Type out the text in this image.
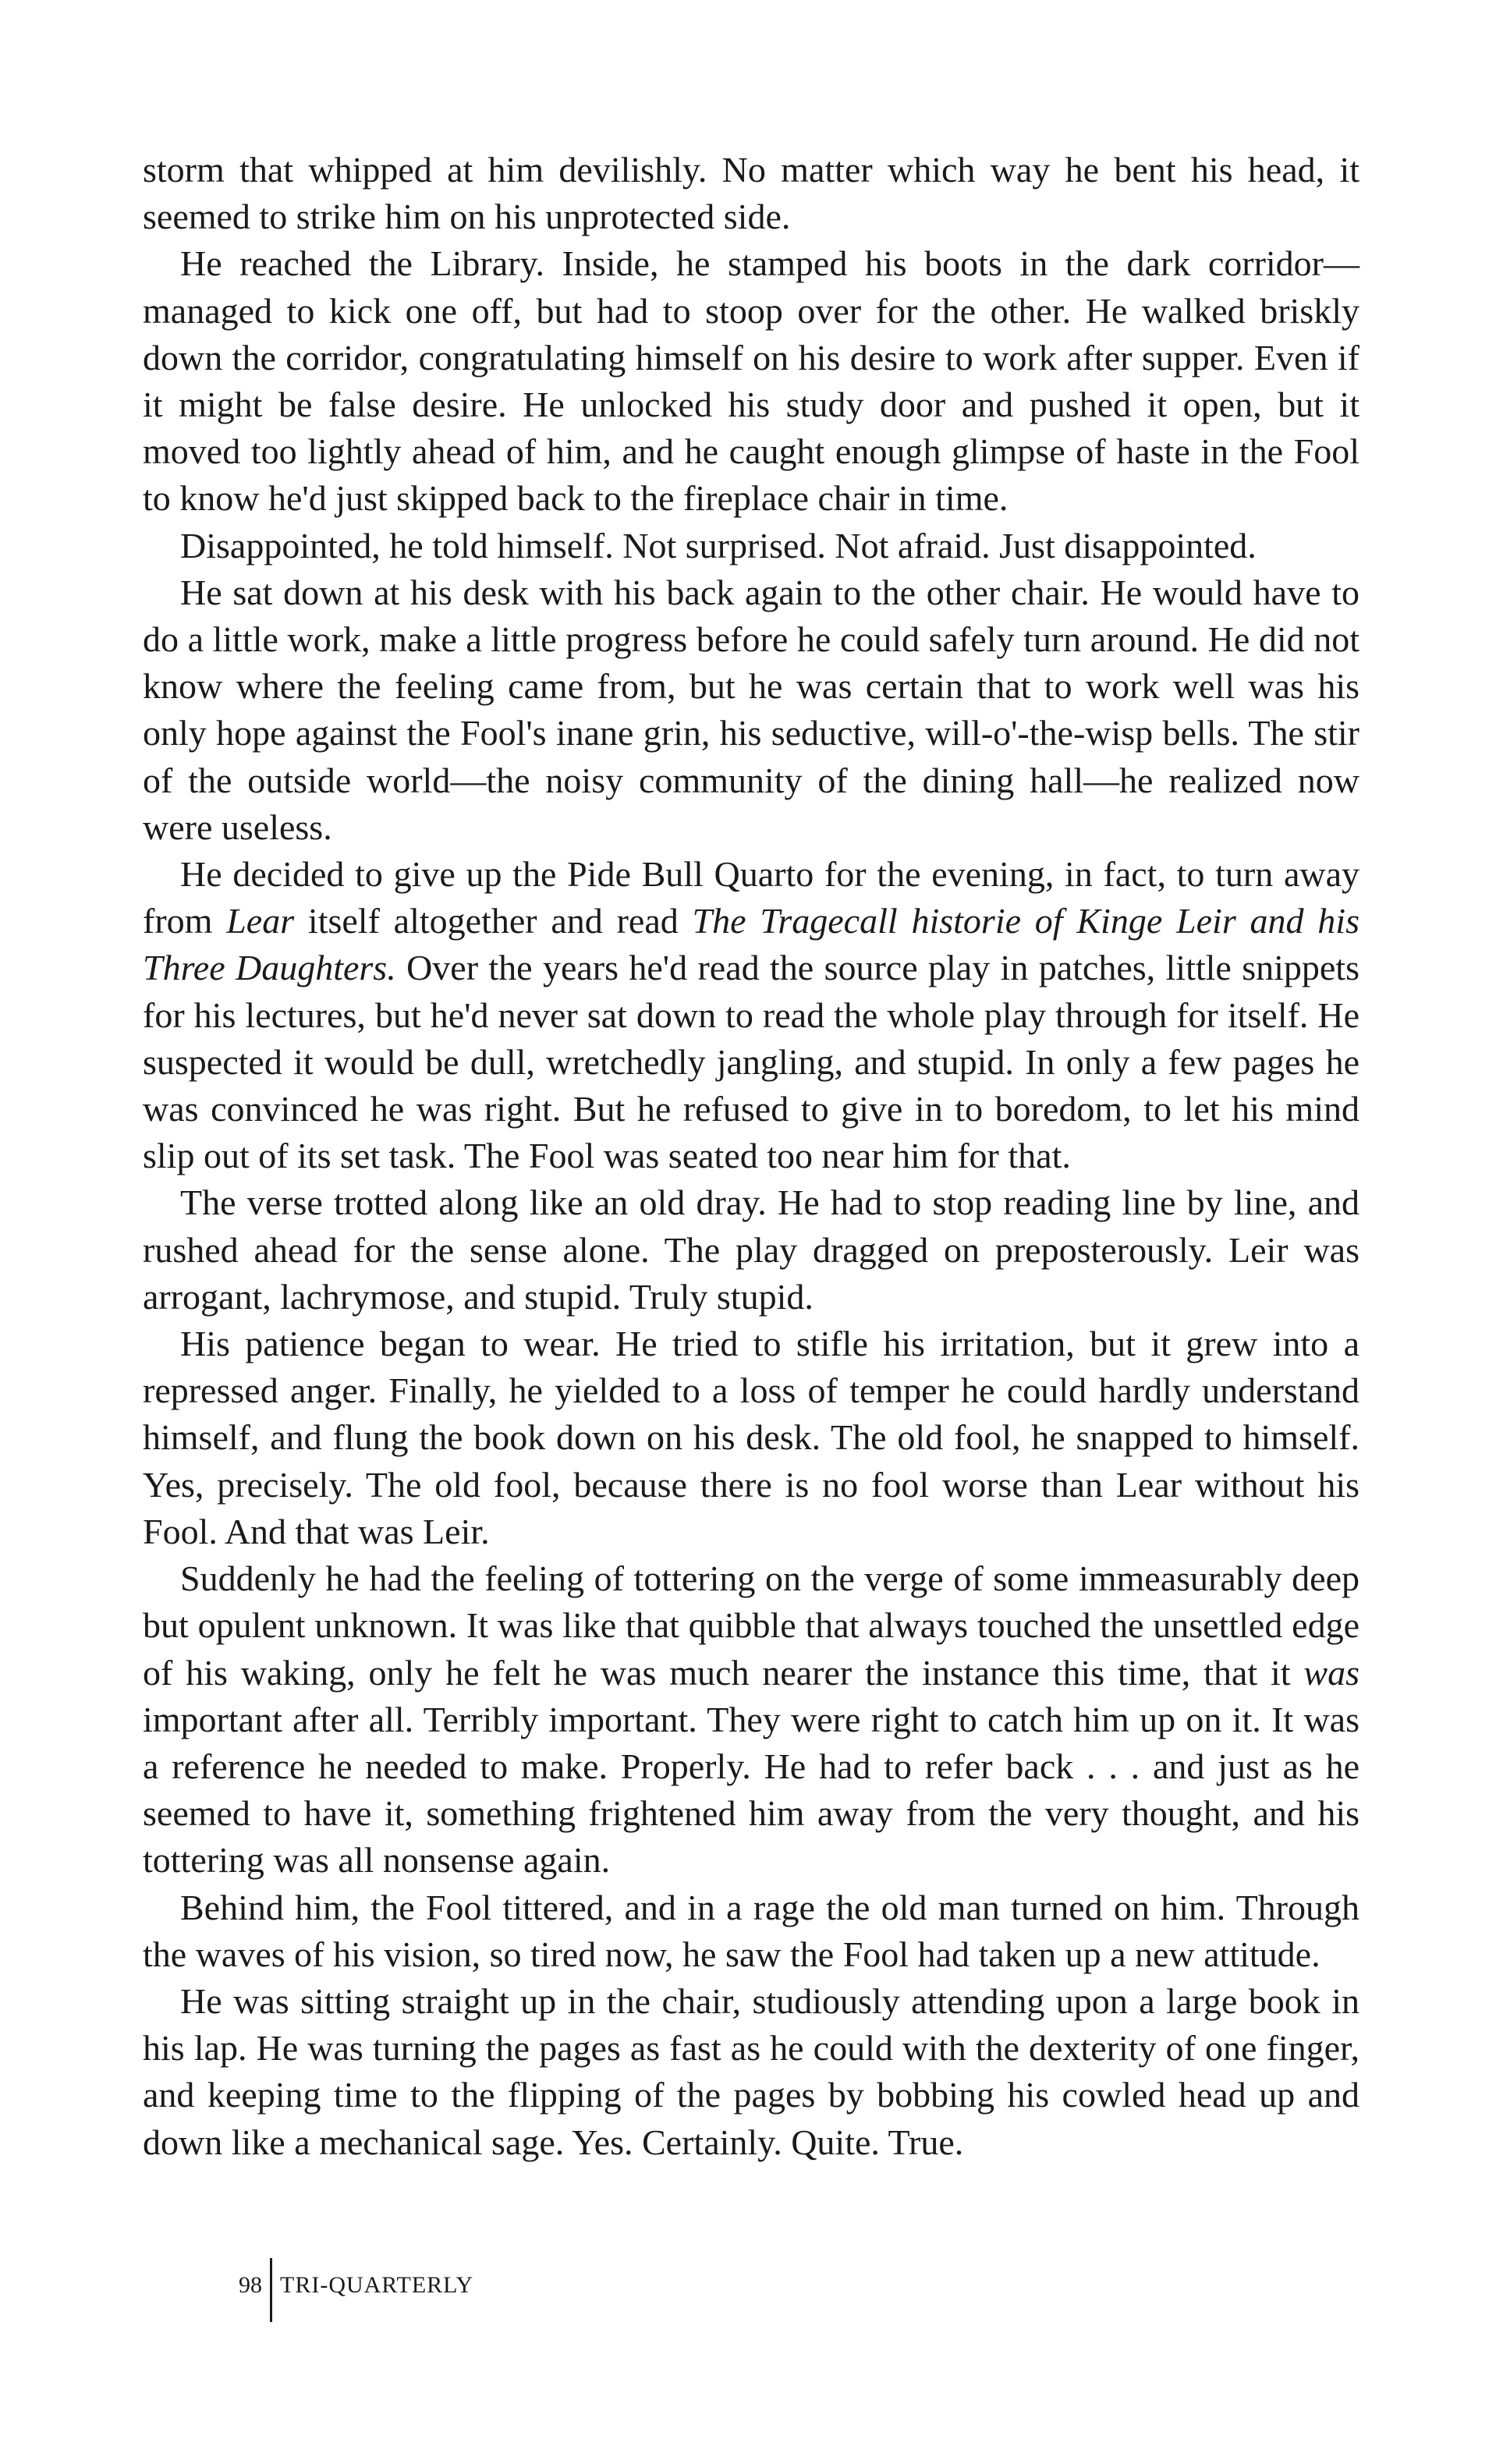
storm that whipped at him devilishly. No matter which way he bent his head, it seemed to strike him on his unprotected side.

He reached the Library. Inside, he stamped his boots in the dark corridor—managed to kick one off, but had to stoop over for the other. He walked briskly down the corridor, congratulating himself on his desire to work after supper. Even if it might be false desire. He unlocked his study door and pushed it open, but it moved too lightly ahead of him, and he caught enough glimpse of haste in the Fool to know he'd just skipped back to the fireplace chair in time.

Disappointed, he told himself. Not surprised. Not afraid. Just disappointed.

He sat down at his desk with his back again to the other chair. He would have to do a little work, make a little progress before he could safely turn around. He did not know where the feeling came from, but he was certain that to work well was his only hope against the Fool's inane grin, his seductive, will-o'-the-wisp bells. The stir of the outside world—the noisy community of the dining hall—he realized now were useless.

He decided to give up the Pide Bull Quarto for the evening, in fact, to turn away from Lear itself altogether and read The Tragecall historie of Kinge Leir and his Three Daughters. Over the years he'd read the source play in patches, little snippets for his lectures, but he'd never sat down to read the whole play through for itself. He suspected it would be dull, wretchedly jangling, and stupid. In only a few pages he was convinced he was right. But he refused to give in to boredom, to let his mind slip out of its set task. The Fool was seated too near him for that.

The verse trotted along like an old dray. He had to stop reading line by line, and rushed ahead for the sense alone. The play dragged on preposterously. Leir was arrogant, lachrymose, and stupid. Truly stupid.

His patience began to wear. He tried to stifle his irritation, but it grew into a repressed anger. Finally, he yielded to a loss of temper he could hardly understand himself, and flung the book down on his desk. The old fool, he snapped to himself. Yes, precisely. The old fool, because there is no fool worse than Lear without his Fool. And that was Leir.

Suddenly he had the feeling of tottering on the verge of some immeasurably deep but opulent unknown. It was like that quibble that always touched the unsettled edge of his waking, only he felt he was much nearer the instance this time, that it was important after all. Terribly important. They were right to catch him up on it. It was a reference he needed to make. Properly. He had to refer back . . . and just as he seemed to have it, something frightened him away from the very thought, and his tottering was all nonsense again.

Behind him, the Fool tittered, and in a rage the old man turned on him. Through the waves of his vision, so tired now, he saw the Fool had taken up a new attitude.

He was sitting straight up in the chair, studiously attending upon a large book in his lap. He was turning the pages as fast as he could with the dexterity of one finger, and keeping time to the flipping of the pages by bobbing his cowled head up and down like a mechanical sage. Yes. Certainly. Quite. True.

98 TRI-QUARTERLY
